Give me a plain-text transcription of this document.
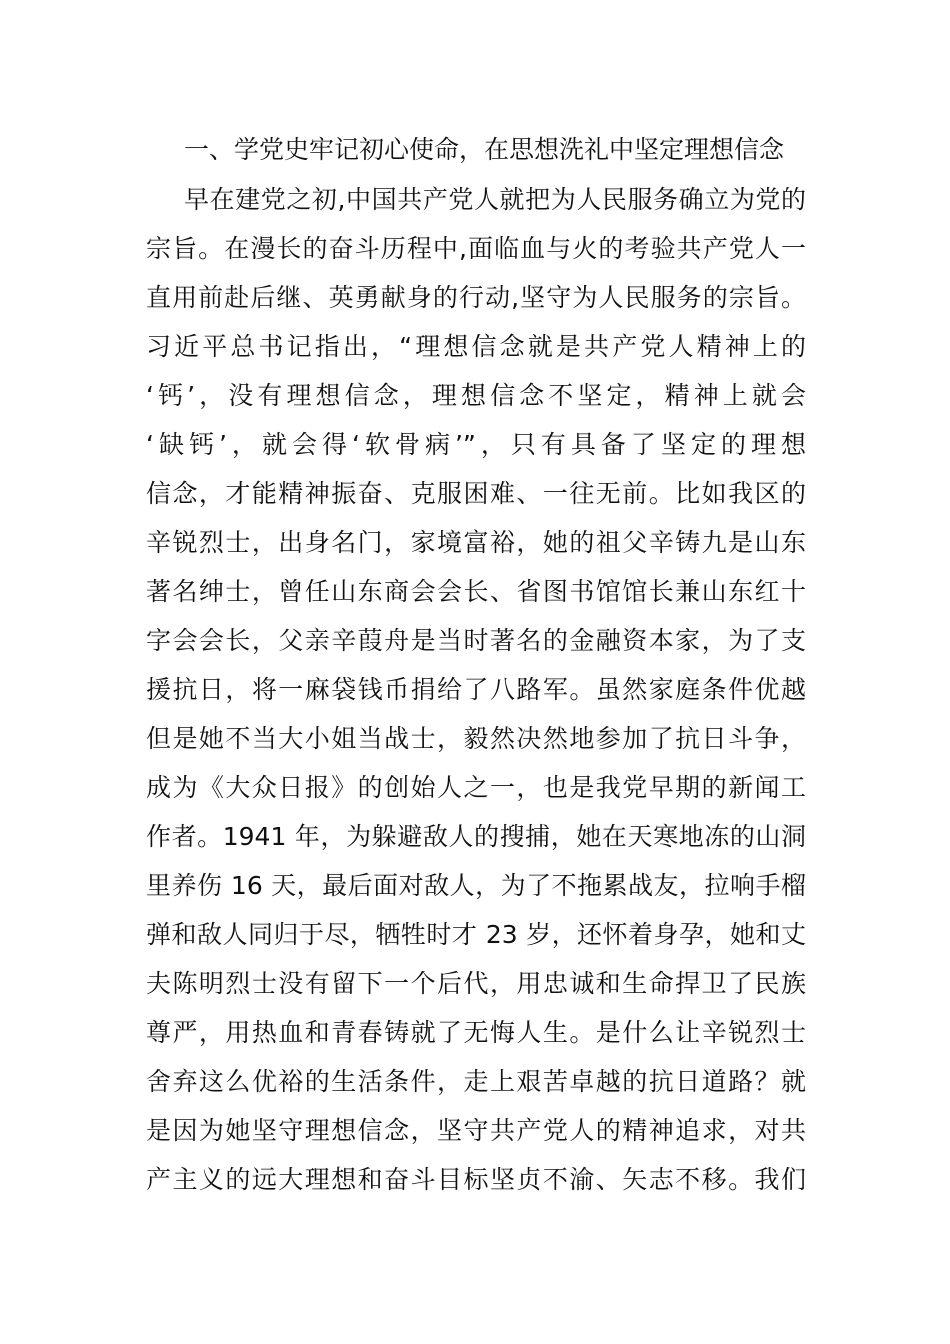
一、学党史牢记初心使命，在思想洗礼中坚定理想信念
早在建党之初,中国共产党人就把为人民服务确立为党的
宗旨。在漫长的奋斗历程中,面临血与火的考验共产党人一
直用前赴后继、英勇献身的行动,坚守为人民服务的宗旨。
习近平总书记指出，“理想信念就是共产党人精神上的
‘钙’，没有理想信念，理想信念不坚定，精神上就会
‘缺钙’，就会得‘软骨病’”，只有具备了坚定的理想
信念，才能精神振奋、克服困难、一往无前。比如我区的
辛锐烈士，出身名门，家境富裕，她的祖父辛铸九是山东
著名绅士，曾任山东商会会长、省图书馆馆长兼山东红十
字会会长，父亲辛葭舟是当时著名的金融资本家，为了支
援抗日，将一麻袋钱币捐给了八路军。虽然家庭条件优越
但是她不当大小姐当战士，毅然决然地参加了抗日斗争，
成为《大众日报》的创始人之一，也是我党早期的新闻工
作者。1941 年，为躲避敌人的搜捕，她在天寒地冻的山洞
里养伤 16 天，最后面对敌人，为了不拖累战友，拉响手榴
弹和敌人同归于尽，牺牲时才 23 岁，还怀着身孕，她和丈
夫陈明烈士没有留下一个后代，用忠诚和生命捍卫了民族
尊严，用热血和青春铸就了无悔人生。是什么让辛锐烈士
舍弃这么优裕的生活条件，走上艰苦卓越的抗日道路？就
是因为她坚守理想信念，坚守共产党人的精神追求，对共
产主义的远大理想和奋斗目标坚贞不渝、矢志不移。我们
